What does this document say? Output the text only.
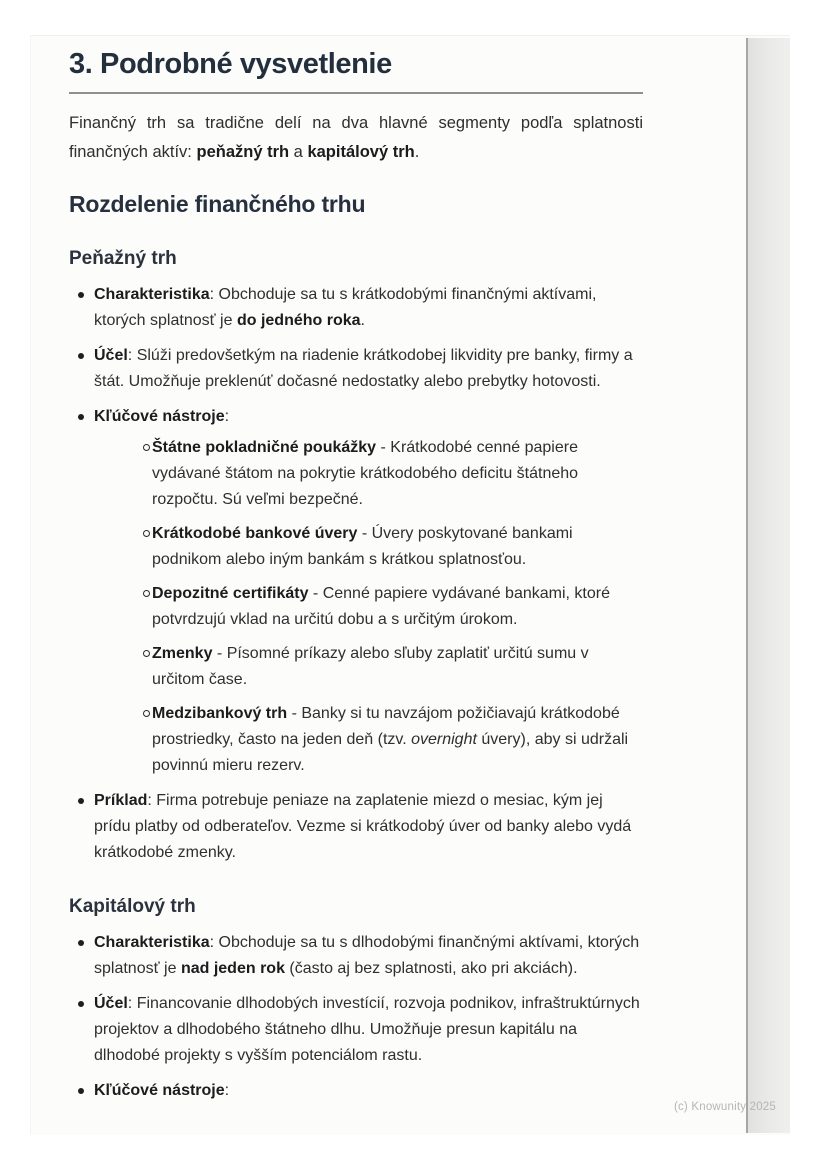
3. Podrobné vysvetlenie

Finančný trh sa tradične delí na dva hlavné segmenty podľa splatnosti finančných aktív: peňažný trh a kapitálový trh.

Rozdelenie finančného trhu
Peňažný trh
Charakteristika: Obchoduje sa tu s krátkodobými finančnými aktívami, ktorých splatnosť je do jedného roka.
Účel: Slúži predovšetkým na riadenie krátkodobej likvidity pre banky, firmy a štát. Umožňuje preklenúť dočasné nedostatky alebo prebytky hotovosti.
Kľúčové nástroje:
Štátne pokladničné poukážky - Krátkodobé cenné papiere vydávané štátom na pokrytie krátkodobého deficitu štátneho rozpočtu. Sú veľmi bezpečné.
Krátkodobé bankové úvery - Úvery poskytované bankami podnikom alebo iným bankám s krátkou splatnosťou.
Depozitné certifikáty - Cenné papiere vydávané bankami, ktoré potvrdzujú vklad na určitú dobu a s určitým úrokom.
Zmenky - Písomné príkazy alebo sľuby zaplatiť určitú sumu v určitom čase.
Medzibankový trh - Banky si tu navzájom požičiavajú krátkodobé prostriedky, často na jeden deň (tzv. overnight úvery), aby si udržali povinnú mieru rezerv.
Príklad: Firma potrebuje peniaze na zaplatenie miezd o mesiac, kým jej prídu platby od odberateľov. Vezme si krátkodobý úver od banky alebo vydá krátkodobé zmenky.
Kapitálový trh
Charakteristika: Obchoduje sa tu s dlhodobými finančnými aktívami, ktorých splatnosť je nad jeden rok (často aj bez splatnosti, ako pri akciách).
Účel: Financovanie dlhodobých investícií, rozvoja podnikov, infraštruktúrnych projektov a dlhodobého štátneho dlhu. Umožňuje presun kapitálu na dlhodobé projekty s vyšším potenciálom rastu.
Kľúčové nástroje:
(c) Knowunity 2025
